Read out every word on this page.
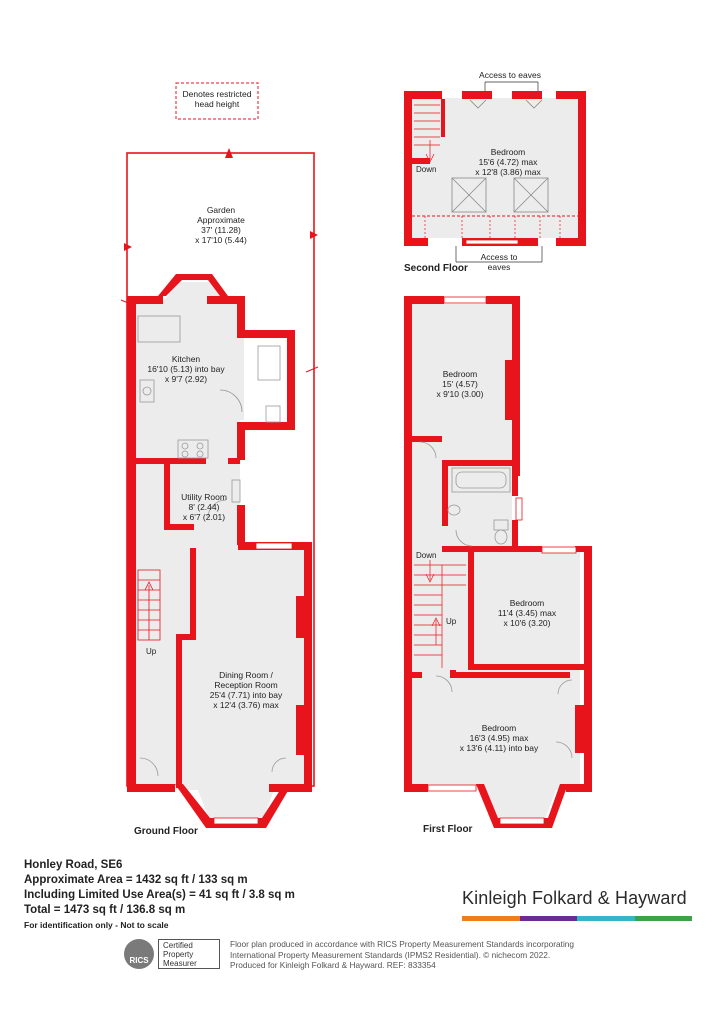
Denotes restricted
head height
Garden
Approximate
37' (11.28)
x 17'10 (5.44)
Kitchen
16'10 (5.13) into bay
x 9'7 (2.92)
Utility Room
8' (2.44)
x 6'7 (2.01)
Dining Room /
Reception Room
25'4 (7.71) into bay
x 12'4 (3.76) max
Up
Ground Floor
Access to eaves
Bedroom
15'6 (4.72) max
x 12'8 (3.86) max
Down
Access to
eaves
Second Floor
Bedroom
15' (4.57)
x 9'10 (3.00)
Bedroom
11'4 (3.45) max
x 10'6 (3.20)
Bedroom
16'3 (4.95) max
x 13'6 (4.11) into bay
Down
Up
First Floor
Honley Road, SE6
Approximate Area = 1432 sq ft / 133 sq m
Including Limited Use Area(s) = 41 sq ft / 3.8 sq m
Total = 1473 sq ft / 136.8 sq m
For identification only - Not to scale
Kinleigh Folkard & Hayward
RICS
Certified
Property
Measurer
Floor plan produced in accordance with RICS Property Measurement Standards incorporating
International Property Measurement Standards (IPMS2 Residential). © nichecom 2022.
Produced for Kinleigh Folkard & Hayward. REF: 833354
